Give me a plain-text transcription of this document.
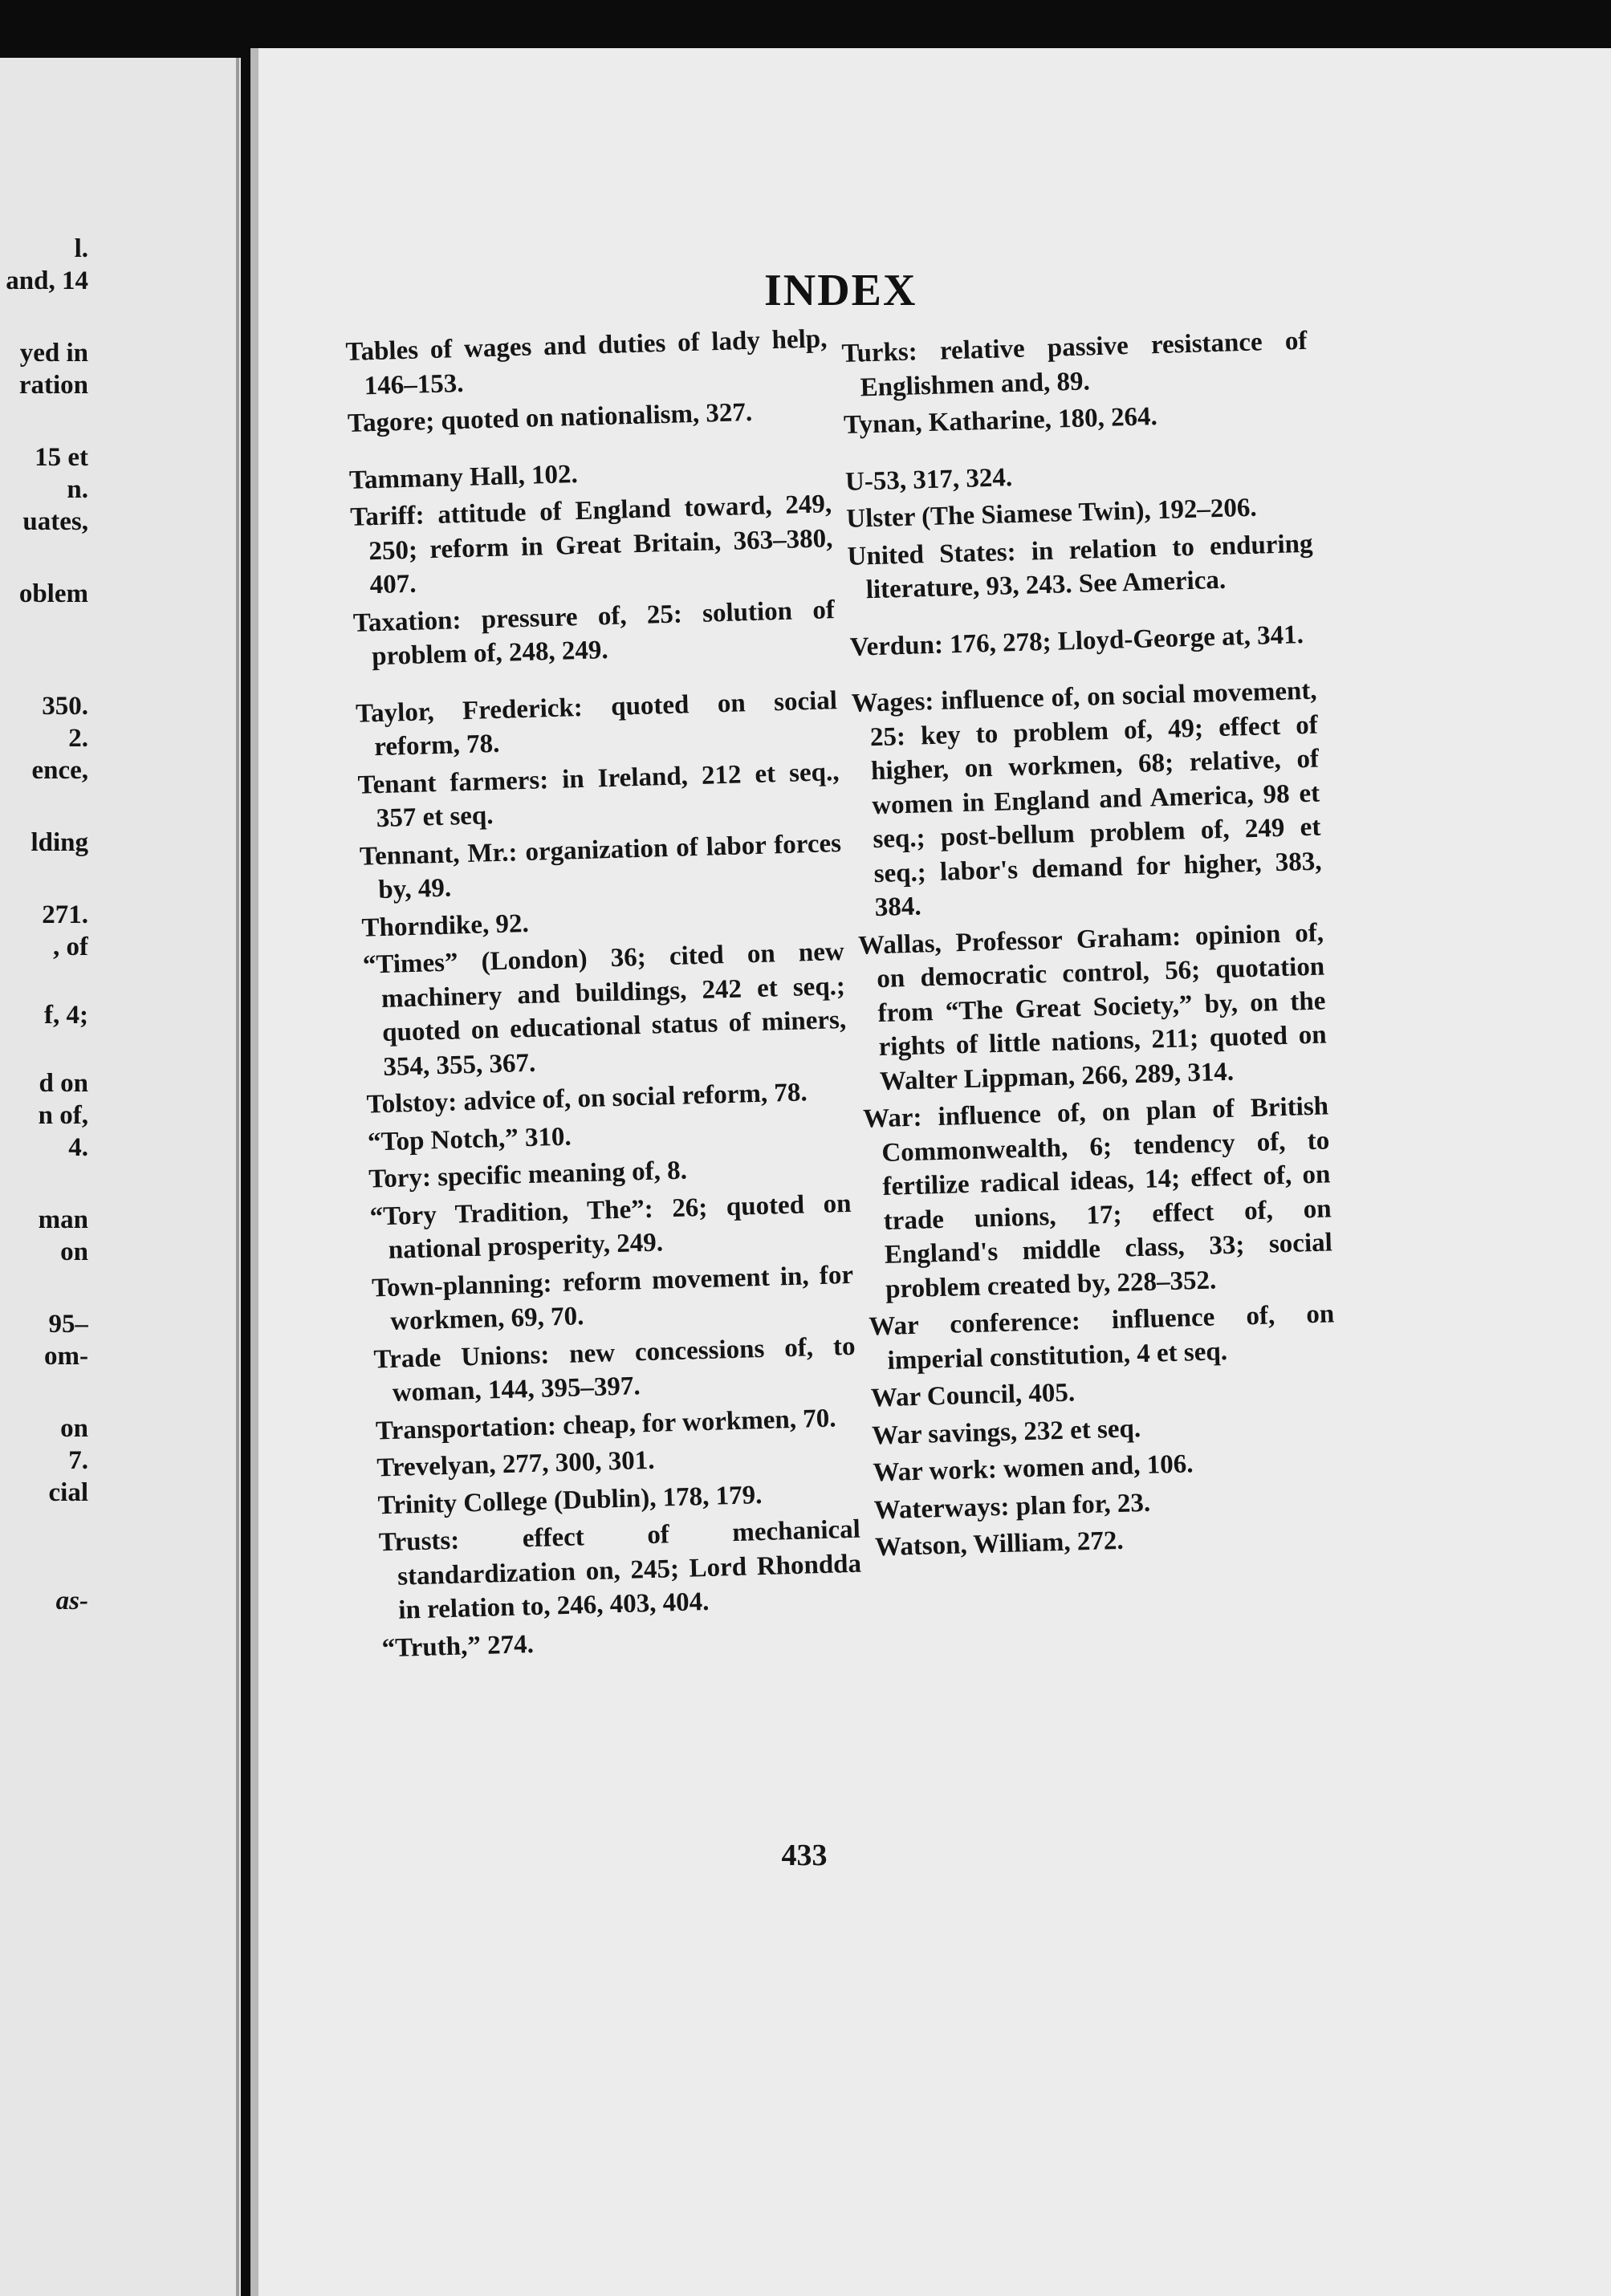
l.
and, 14
yed in
ration
15 et
n.
uates,
oblem
350.
2.
ence,
lding
271.
, of
f, 4;
d on
n of,
4.
man
on
95–
om-
on
7.
cial
as-
INDEX

Tables of wages and duties of lady help, 146–153.

Tagore; quoted on nationalism, 327.

Tammany Hall, 102.

Tariff: attitude of England toward, 249, 250; reform in Great Britain, 363–380, 407.

Taxation: pressure of, 25: solution of problem of, 248, 249.

Taylor, Frederick: quoted on social reform, 78.

Tenant farmers: in Ireland, 212 et seq., 357 et seq.

Tennant, Mr.: organization of labor forces by, 49.

Thorndike, 92.

“Times” (London) 36; cited on new machinery and buildings, 242 et seq.; quoted on educational status of miners, 354, 355, 367.

Tolstoy: advice of, on social reform, 78.

“Top Notch,” 310.

Tory: specific meaning of, 8.

“Tory Tradition, The”: 26; quoted on national prosperity, 249.

Town-planning: reform movement in, for workmen, 69, 70.

Trade Unions: new concessions of, to woman, 144, 395–397.

Transportation: cheap, for workmen, 70.

Trevelyan, 277, 300, 301.

Trinity College (Dublin), 178, 179.

Trusts: effect of mechanical standardization on, 245; Lord Rhondda in relation to, 246, 403, 404.

“Truth,” 274.

Turks: relative passive resistance of Englishmen and, 89.

Tynan, Katharine, 180, 264.

U-53, 317, 324.

Ulster (The Siamese Twin), 192–206.

United States: in relation to enduring literature, 93, 243. See America.

Verdun: 176, 278; Lloyd-George at, 341.

Wages: influence of, on social movement, 25: key to problem of, 49; effect of higher, on workmen, 68; relative, of women in England and America, 98 et seq.; post-bellum problem of, 249 et seq.; labor's demand for higher, 383, 384.

Wallas, Professor Graham: opinion of, on democratic control, 56; quotation from “The Great Society,” by, on the rights of little nations, 211; quoted on Walter Lippman, 266, 289, 314.

War: influence of, on plan of British Commonwealth, 6; tendency of, to fertilize radical ideas, 14; effect of, on trade unions, 17; effect of, on England's middle class, 33; social problem created by, 228–352.

War conference: influence of, on imperial constitution, 4 et seq.

War Council, 405.

War savings, 232 et seq.

War work: women and, 106.

Waterways: plan for, 23.

Watson, William, 272.

433
